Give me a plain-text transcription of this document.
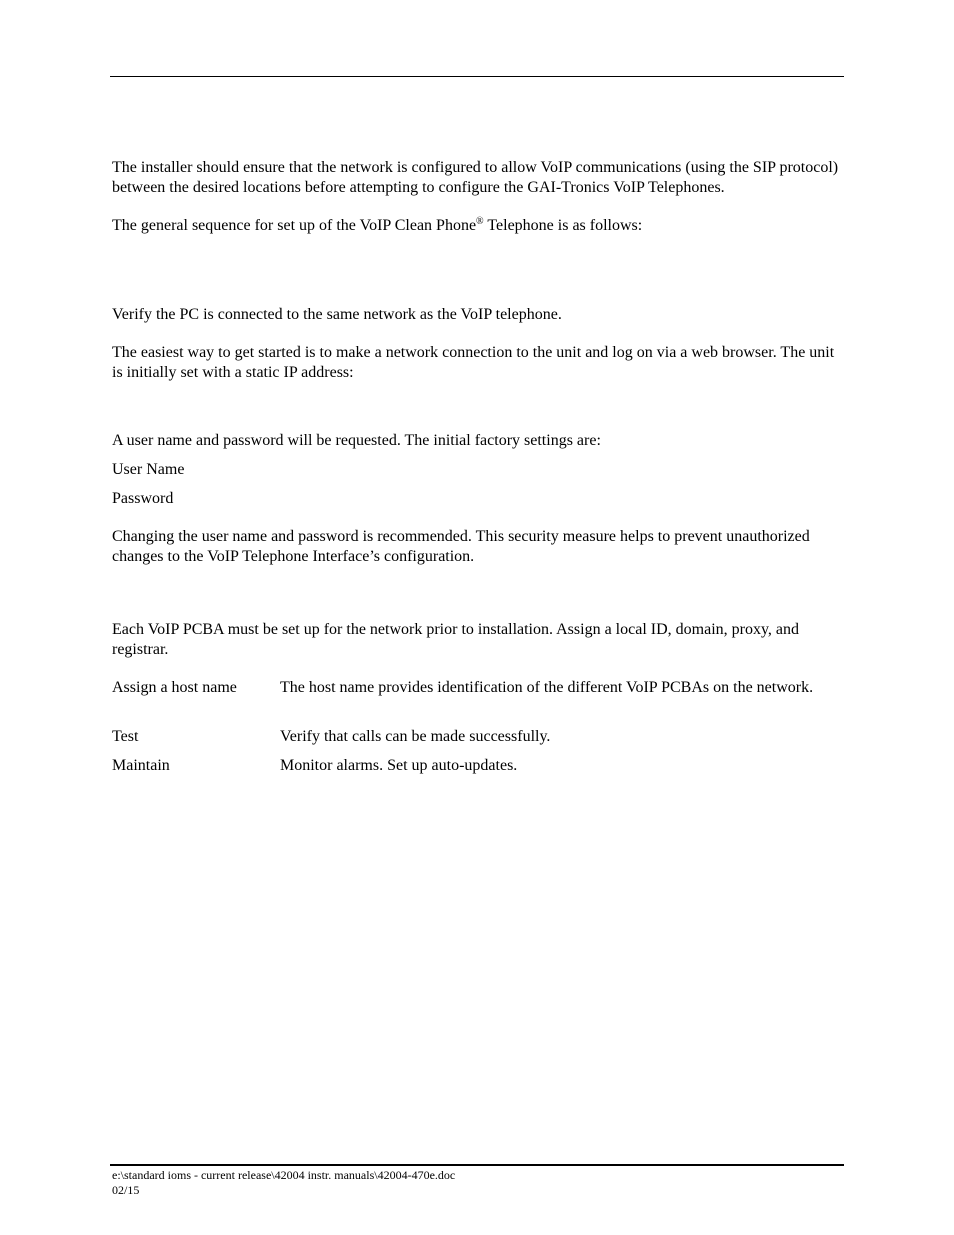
The installer should ensure that the network is configured to allow VoIP communications (using the SIP protocol) between the desired locations before attempting to configure the GAI-Tronics VoIP Telephones.

The general sequence for set up of the VoIP Clean Phone® Telephone is as follows:

Verify the PC is connected to the same network as the VoIP telephone.

The easiest way to get started is to make a network connection to the unit and log on via a web browser. The unit is initially set with a static IP address:

A user name and password will be requested. The initial factory settings are:

User Name

Password

Changing the user name and password is recommended. This security measure helps to prevent unauthorized changes to the VoIP Telephone Interface’s configuration.

Each VoIP PCBA must be set up for the network prior to installation. Assign a local ID, domain, proxy, and registrar.

Assign a host name	The host name provides identification of the different VoIP PCBAs on the network.
Test	Verify that calls can be made successfully.
Maintain	Monitor alarms. Set up auto-updates.
e:\standard ioms - current release\42004 instr. manuals\42004-470e.doc
02/15
